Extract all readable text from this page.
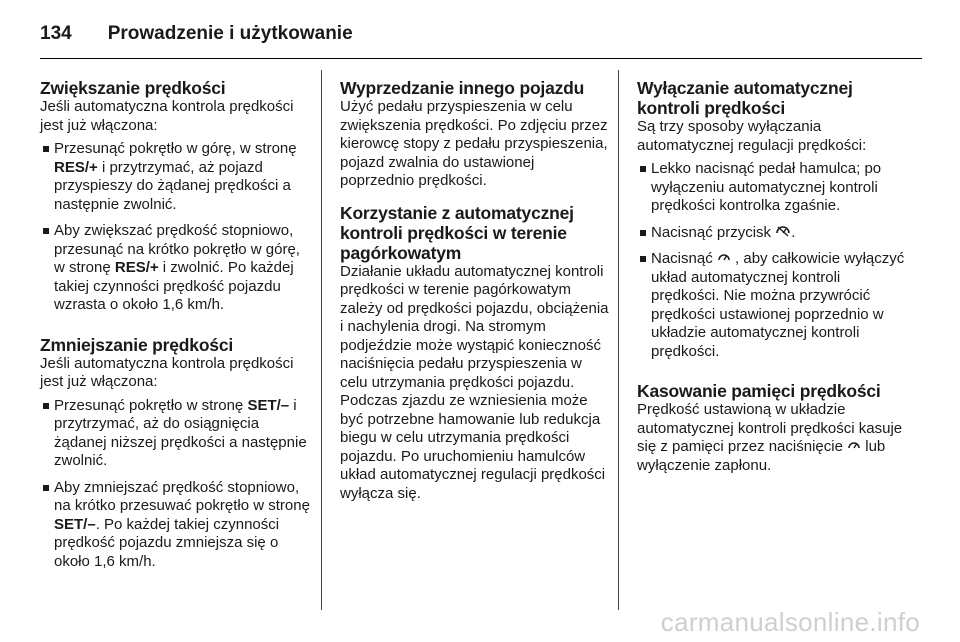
134 Prowadzenie i użytkowanie
Zwiększanie prędkości

Jeśli automatyczna kontrola prędkości jest już włączona:

Przesunąć pokrętło w górę, w stronę RES/+ i przytrzymać, aż pojazd przyspieszy do żądanej prędkości a następnie zwolnić.
Aby zwiększać prędkość stopniowo, przesunąć na krótko pokrętło w górę, w stronę RES/+ i zwolnić. Po każdej takiej czynności prędkość pojazdu wzrasta o około 1,6 km/h.
Zmniejszanie prędkości

Jeśli automatyczna kontrola prędkości jest już włączona:

Przesunąć pokrętło w stronę SET/– i przytrzymać, aż do osiągnięcia żądanej niższej prędkości a następnie zwolnić.
Aby zmniejszać prędkość stopniowo, na krótko przesuwać pokrętło w stronę SET/–. Po każdej takiej czynności prędkość pojazdu zmniejsza się o około 1,6 km/h.
Wyprzedzanie innego pojazdu

Użyć pedału przyspieszenia w celu zwiększenia prędkości. Po zdjęciu przez kierowcę stopy z pedału przyspieszenia, pojazd zwalnia do ustawionej poprzednio prędkości.

Korzystanie z automatycznej kontroli prędkości w terenie pagórkowatym

Działanie układu automatycznej kontroli prędkości w terenie pagórkowatym zależy od prędkości pojazdu, obciążenia i nachylenia drogi. Na stromym podjeździe może wystąpić konieczność naciśnięcia pedału przyspieszenia w celu utrzymania prędkości pojazdu. Podczas zjazdu ze wzniesienia może być potrzebne hamowanie lub redukcja biegu w celu utrzymania prędkości pojazdu. Po uruchomieniu hamulców układ automatycznej regulacji prędkości wyłącza się.

Wyłączanie automatycznej kontroli prędkości

Są trzy sposoby wyłączania automatycznej regulacji prędkości:

Lekko nacisnąć pedał hamulca; po wyłączeniu automatycznej kontroli prędkości kontrolka zgaśnie.
Nacisnąć przycisk .
Nacisnąć  , aby całkowicie wyłączyć układ automatycznej kontroli prędkości. Nie można przywrócić prędkości ustawionej poprzednio w układzie automatycznej kontroli prędkości.
Kasowanie pamięci prędkości

Prędkość ustawioną w układzie automatycznej kontroli prędkości kasuje się z pamięci przez naciśnięcie  lub wyłączenie zapłonu.

carmanualsonline.info
